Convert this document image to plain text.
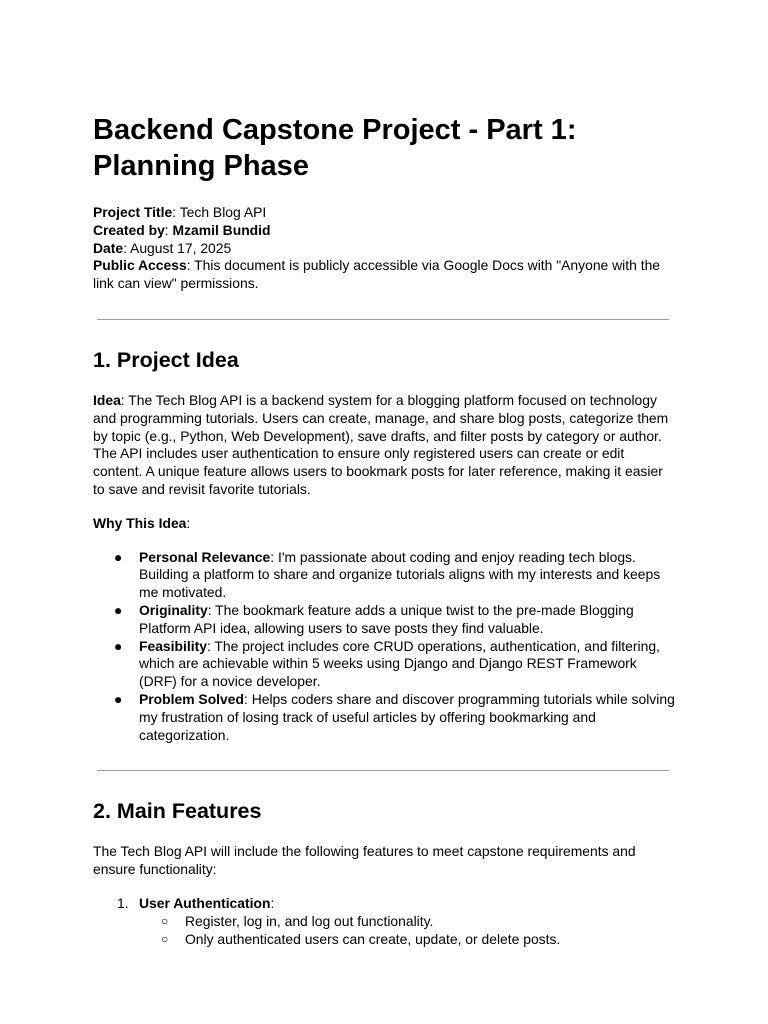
Backend Capstone Project - Part 1: Planning Phase

Project Title: Tech Blog API

Created by: Mzamil Bundid

Date: August 17, 2025

Public Access: This document is publicly accessible via Google Docs with "Anyone with the link can view" permissions.

1. Project Idea

Idea: The Tech Blog API is a backend system for a blogging platform focused on technology and programming tutorials. Users can create, manage, and share blog posts, categorize them by topic (e.g., Python, Web Development), save drafts, and filter posts by category or author. The API includes user authentication to ensure only registered users can create or edit content. A unique feature allows users to bookmark posts for later reference, making it easier to save and revisit favorite tutorials.

Why This Idea:

● Personal Relevance: I'm passionate about coding and enjoy reading tech blogs. Building a platform to share and organize tutorials aligns with my interests and keeps me motivated.
● Originality: The bookmark feature adds a unique twist to the pre-made Blogging Platform API idea, allowing users to save posts they find valuable.
● Feasibility: The project includes core CRUD operations, authentication, and filtering, which are achievable within 5 weeks using Django and Django REST Framework (DRF) for a novice developer.
● Problem Solved: Helps coders share and discover programming tutorials while solving my frustration of losing track of useful articles by offering bookmarking and categorization.
2. Main Features

The Tech Blog API will include the following features to meet capstone requirements and ensure functionality:

1. User Authentication:
○ Register, log in, and log out functionality.
○ Only authenticated users can create, update, or delete posts.
